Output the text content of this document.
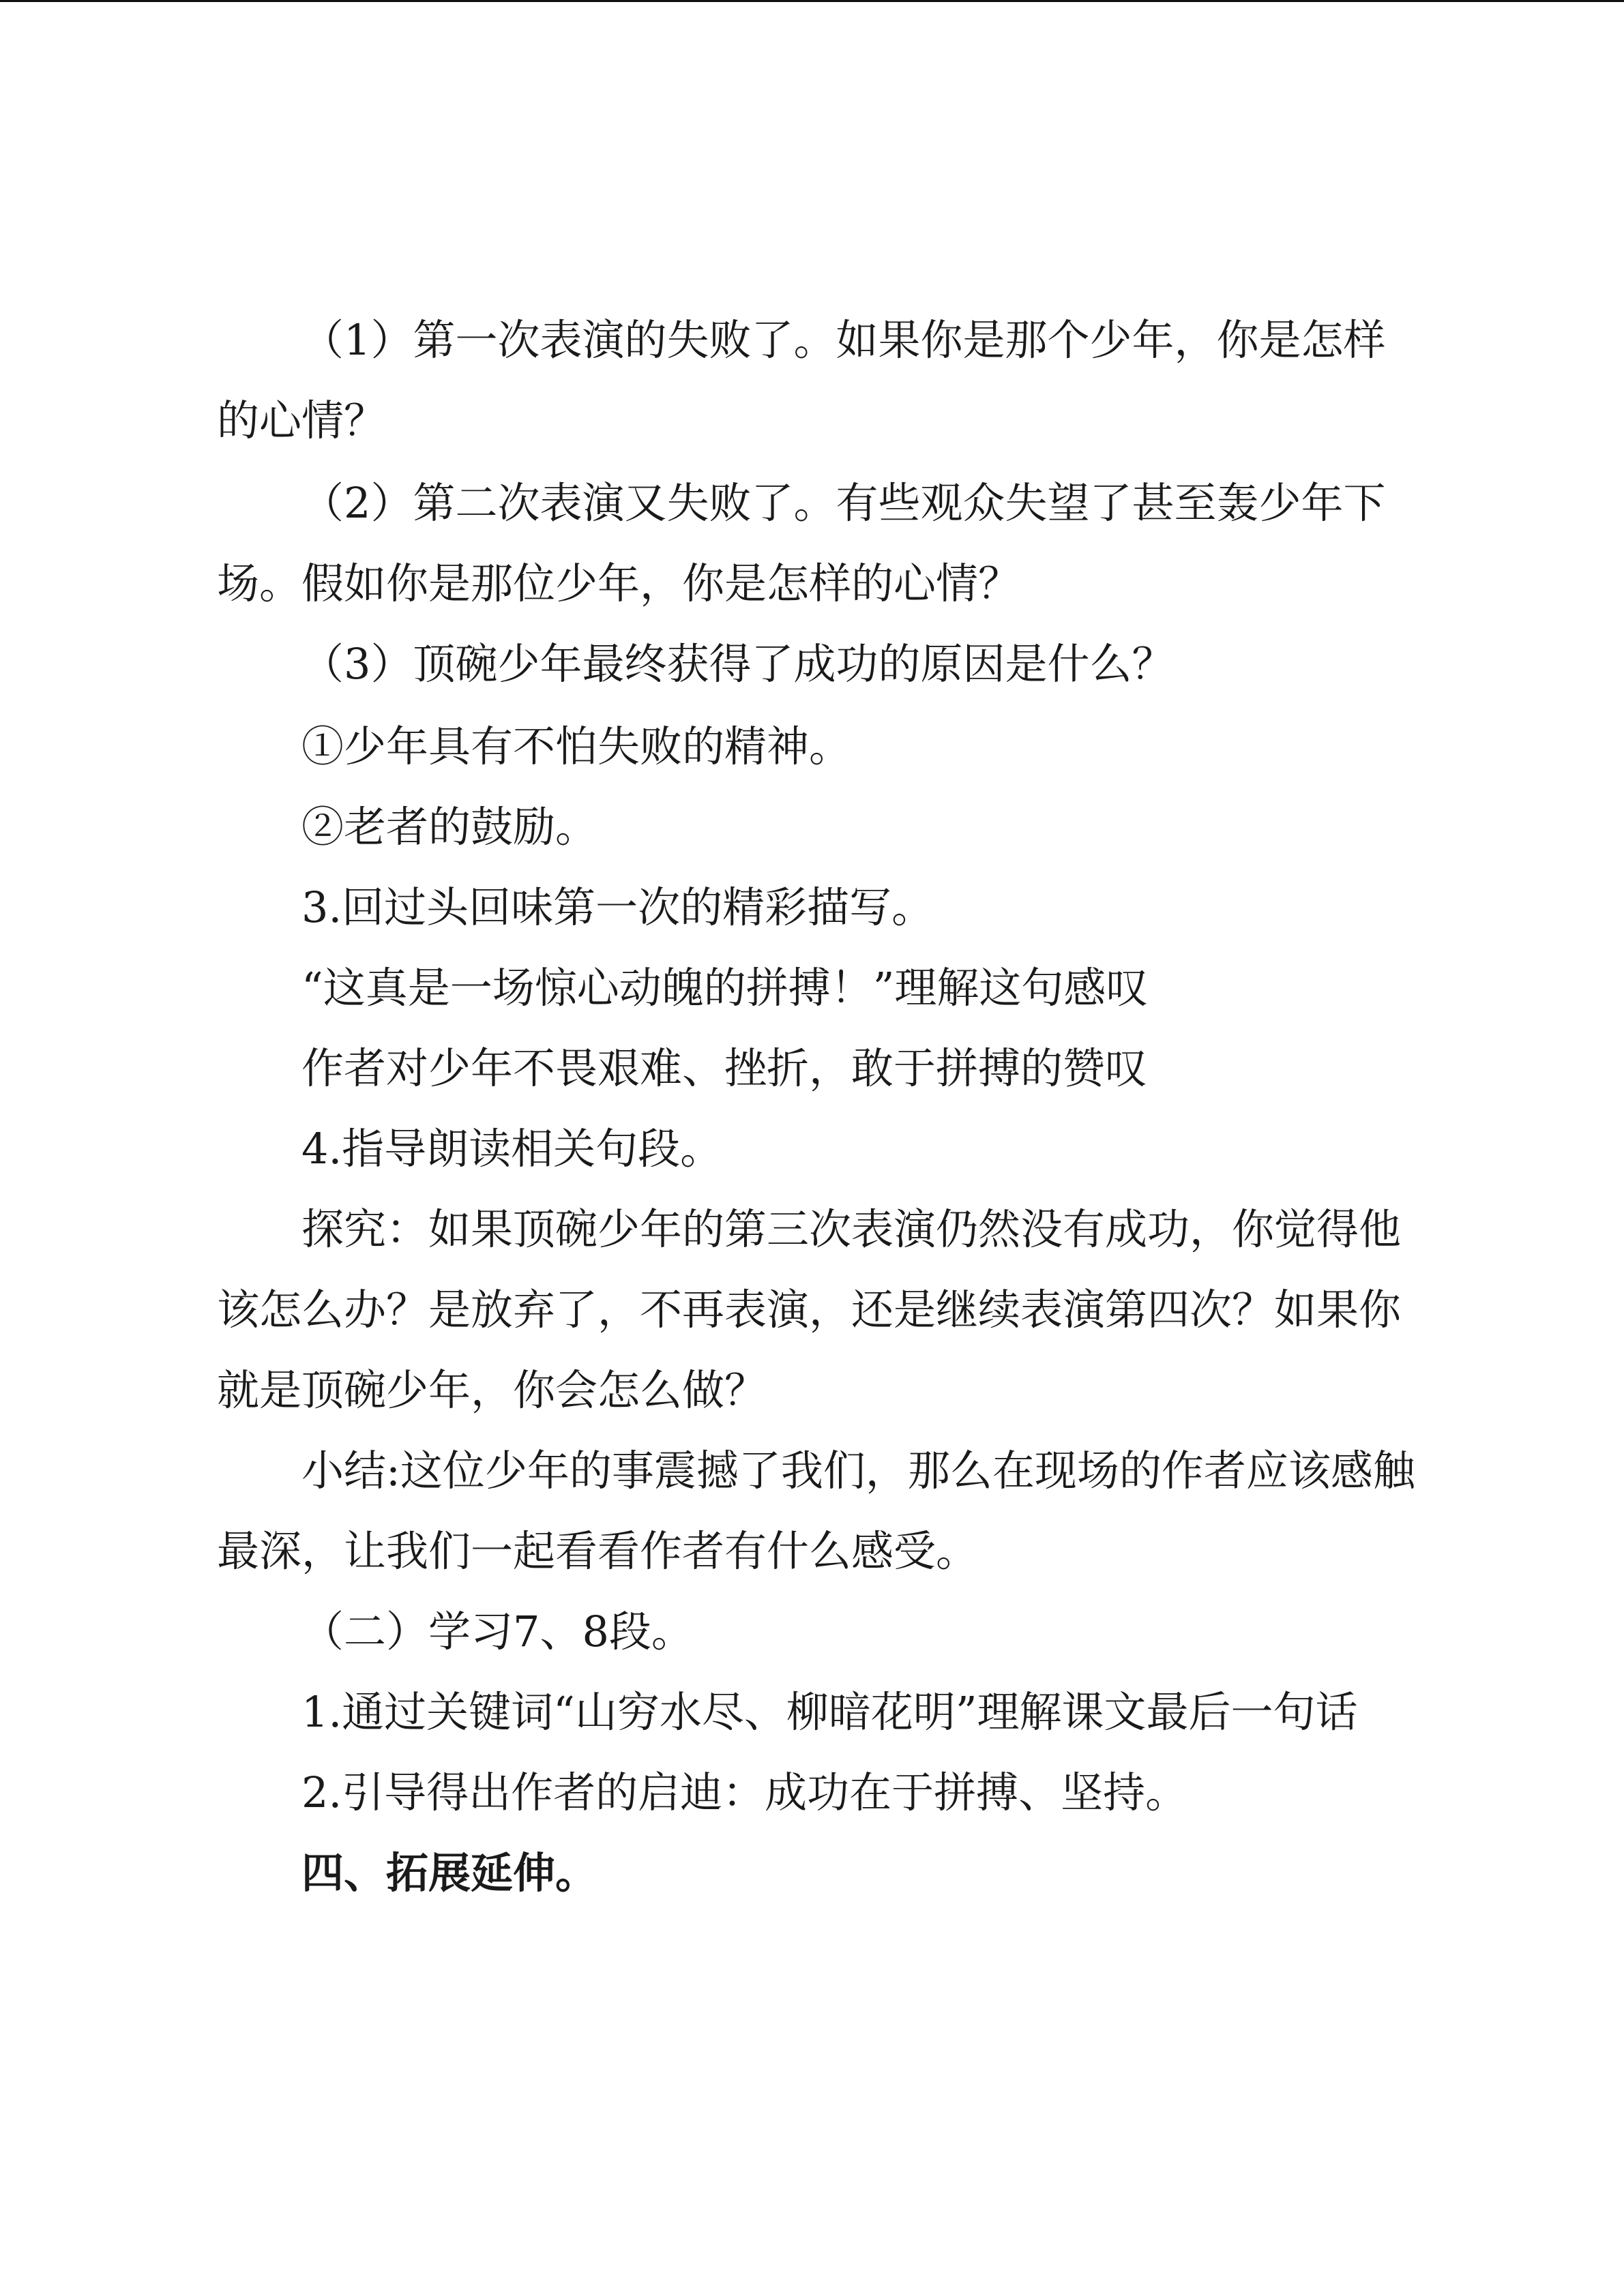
（1）第一次表演的失败了。如果你是那个少年，你是怎样的心情？

（2）第二次表演又失败了。有些观众失望了甚至轰少年下场。假如你是那位少年，你是怎样的心情？

（3）顶碗少年最终获得了成功的原因是什么？

①少年具有不怕失败的精神。

②老者的鼓励。

3.回过头回味第一次的精彩描写。

“这真是一场惊心动魄的拼搏！”理解这句感叹

作者对少年不畏艰难、挫折，敢于拼搏的赞叹

4.指导朗读相关句段。

探究：如果顶碗少年的第三次表演仍然没有成功，你觉得他该怎么办？是放弃了，不再表演，还是继续表演第四次？如果你就是顶碗少年，你会怎么做？

小结:这位少年的事震撼了我们，那么在现场的作者应该感触最深，让我们一起看看作者有什么感受。

（二）学习7、8段。

1.通过关键词“山穷水尽、柳暗花明”理解课文最后一句话

2.引导得出作者的启迪：成功在于拼搏、坚持。

四、拓展延伸。
